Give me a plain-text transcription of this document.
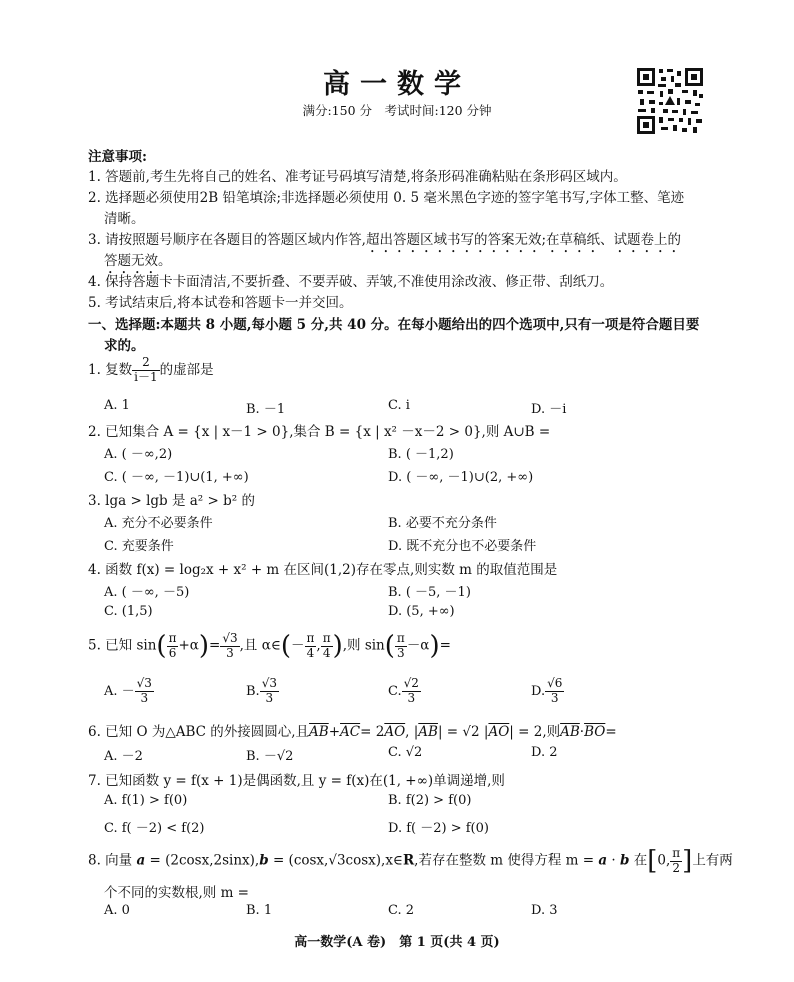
高一数学
满分:150 分　考试时间:120 分钟
注意事项:
1. 答题前,考生先将自己的姓名、准考证号码填写清楚,将条形码准确粘贴在条形码区域内。
2. 选择题必须使用2B 铅笔填涂;非选择题必须使用 0. 5 毫米黑色字迹的签字笔书写,字体工整、笔迹
清晰。
3. 请按照题号顺序在各题目的答题区域内作答,超出答题区域书写的答案无效;在草稿纸、试题卷上的
答题无效。
4. 保持答题卡卡面清洁,不要折叠、不要弄破、弄皱,不准使用涂改液、修正带、刮纸刀。
5. 考试结束后,将本试卷和答题卡一并交回。
一、选择题:本题共 8 小题,每小题 5 分,共 40 分。在每小题给出的四个选项中,只有一项是符合题目要
求的。
1. 复数 $\frac{2}{i-1}$ 的虚部是
A. 1	B. －1	C. i	D. －i
2. 已知集合 A = {x | x－1 > 0},集合 B = {x | x² －x－2 > 0},则 A∪B =
A. ( －∞,2)	B. ( －1,2)
C. ( －∞, －1)∪(1, +∞)	D. ( －∞, －1)∪(2, +∞)
3. lga > lgb 是 a² > b² 的
A. 充分不必要条件	B. 必要不充分条件
C. 充要条件	D. 既不充分也不必要条件
4. 函数 f(x) = log₂x + x² + m 在区间(1,2)存在零点,则实数 m 的取值范围是
A. ( －∞, －5)	B. ( －5, －1)
C. (1,5)	D. (5, +∞)
5. 已知 $\sin( \frac{\pi}{6} +\alpha)= \frac{√3}{3}$ ,且 α∈(－ $\frac{\pi}{4}$ , $\frac{\pi}{4}$ ),则 $\sin( \frac{\pi}{3} -\alpha)=$
A. － $\frac{√3}{3}$	B. $\frac{√3}{3}$	C. $\frac{√2}{3}$	D. $\frac{√6}{3}$
6. 已知 O 为△ABC 的外接圆圆心,且$\overline{AB}+\overline{AC}= 2\overline{AO}$, $|\overline{AB}| = √2$ $|\overline{AO}| = 2$,则$\overline{AB}\cdot\overline{BO}=$
A. －2	B. －√2	C. √2	D. 2
7. 已知函数 y = f(x + 1)是偶函数,且 y = f(x)在(1, +∞)单调递增,则
A. f(1) > f(0)	B. f(2) > f(0)
C. f( －2) < f(2)	D. f( －2) > f(0)
8. 向量 a = (2cosx,2sinx),b = (cosx,√3cosx),x∈R,若存在整数 m 使得方程 m = a · b 在[0, $\frac{\pi}{2}$ ]上有两
个不同的实数根,则 m =
A. 0	B. 1	C. 2	D. 3
高一数学(A 卷)　第 1 页(共 4 页)
